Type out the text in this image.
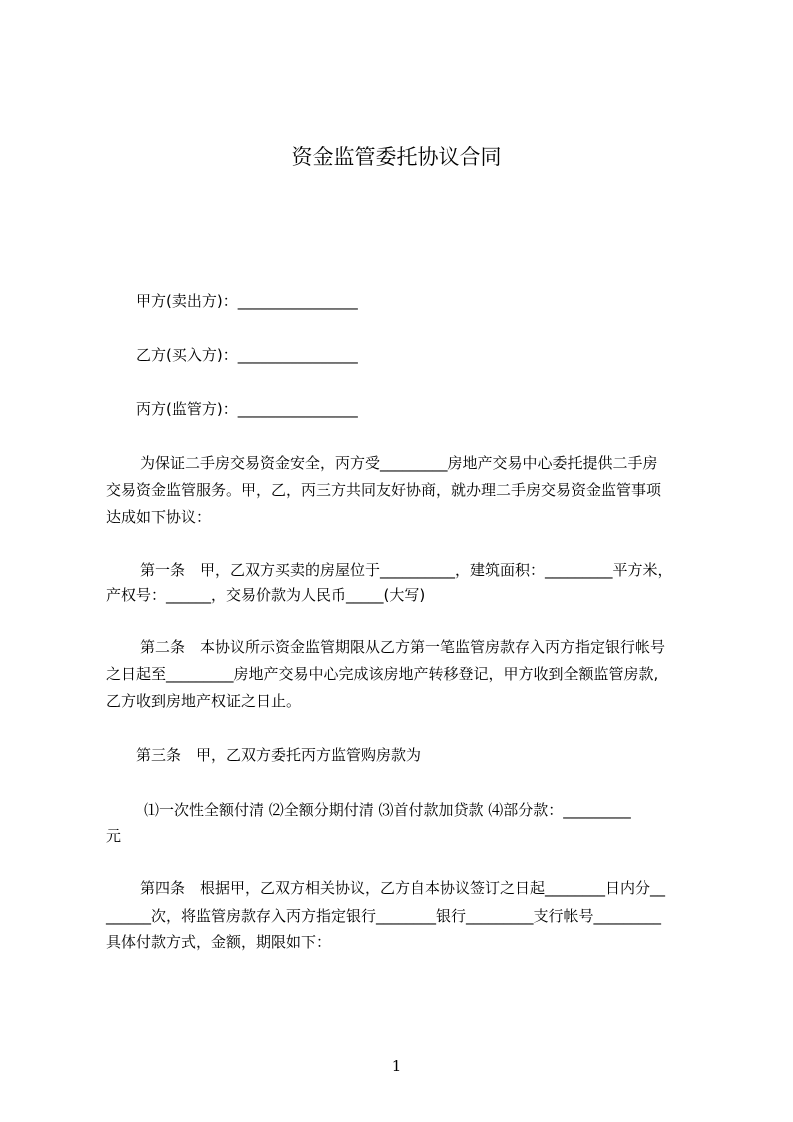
资金监管委托协议合同
甲方(卖出方)：________________
乙方(买入方)：________________
丙方(监管方)：________________
为保证二手房交易资金安全，丙方受_________房地产交易中心委托提供二手房
交易资金监管服务。甲，乙，丙三方共同友好协商，就办理二手房交易资金监管事项
达成如下协议：
第一条　甲，乙双方买卖的房屋位于__________，建筑面积：_________平方米，
产权号：______，交易价款为人民币_____(大写)
第二条　本协议所示资金监管期限从乙方第一笔监管房款存入丙方指定银行帐号
之日起至_________房地产交易中心完成该房地产转移登记，甲方收到全额监管房款,
乙方收到房地产权证之日止。
第三条　甲，乙双方委托丙方监管购房款为
⑴一次性全额付清 ⑵全额分期付清 ⑶首付款加贷款 ⑷部分款：_________
元
第四条　根据甲，乙双方相关协议，乙方自本协议签订之日起________日内分__
______次，将监管房款存入丙方指定银行________银行_________支行帐号_________
具体付款方式，金额，期限如下：
1
